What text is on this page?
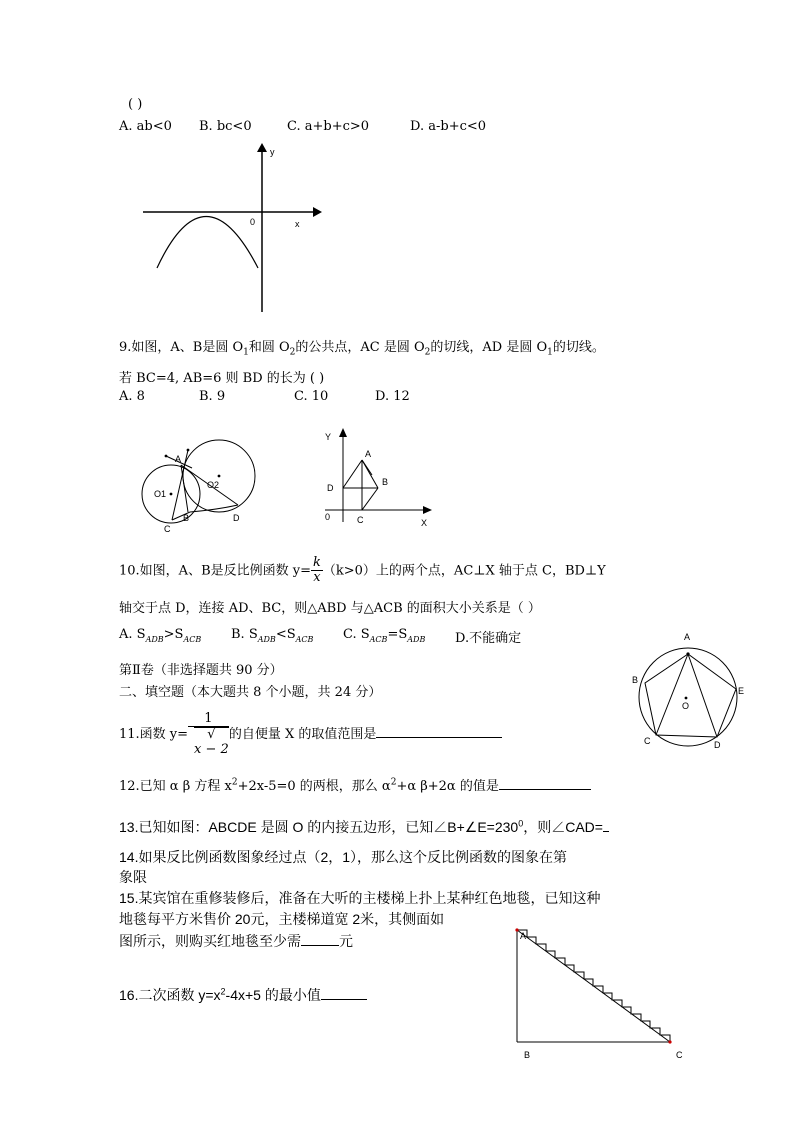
( )
A. ab<0 B. bc<0	C. a+b+c>0	D. a-b+c<0
y
0	x
9.如图，A、B是圆 $O_1$和圆 $O_2$的公共点，AC 是圆 $O_2$的切线，AD 是圆 $O_1$的切线。
若 BC=4, AB=6 则 BD 的长为 ( )
A. 8	B. 9	C. 10	D. 12
A
O1
O2
B
C
D
Y
A
D
B
0	C	X
10.如图，A、B是反比例函数 $y= \frac{k}{x} (k>0)$上的两个点，AC⊥X 轴于点 C，BD⊥Y
轴交于点 D，连接 AD、BC，则△ABD 与△ACB 的面积大小关系是（ ）
A. $S_{ADB}>S_{ACB}$ B. $S_{ADB}<S_{ACB}$ C. $S_{ACB}=S_{ADB}$ D.不能确定
第Ⅱ卷（非选择题共 90 分）
二、填空题（本大题共 8 个小题，共 24 分）
A
B
E
O
C	D
11.函数 y= 1
√
x − 2 的自便量 X 的取值范围是
12.已知 α β 方程 $x^2+2x-5=0$ 的两根，那么 $\alpha^2+\alpha$ β+2α 的值是
13.已知如图：ABCDE 是圆 O 的内接五边形，已知$\angle B+\angle E=230^0$，则∠CAD=
14.如果反比例函数图象经过点（2，1），那么这个反比例函数的图象在第
象限
15.某宾馆在重修装修后，准备在大听的主楼梯上扑上某种红色地毯，已知这种
地毯每平方米售价 20元，主楼梯道宽 2米，其侧面如
图所示，则购买红地毯至少需	元	A
B	C
16.二次函数 $y=x^2-4x+5$ 的最小值
